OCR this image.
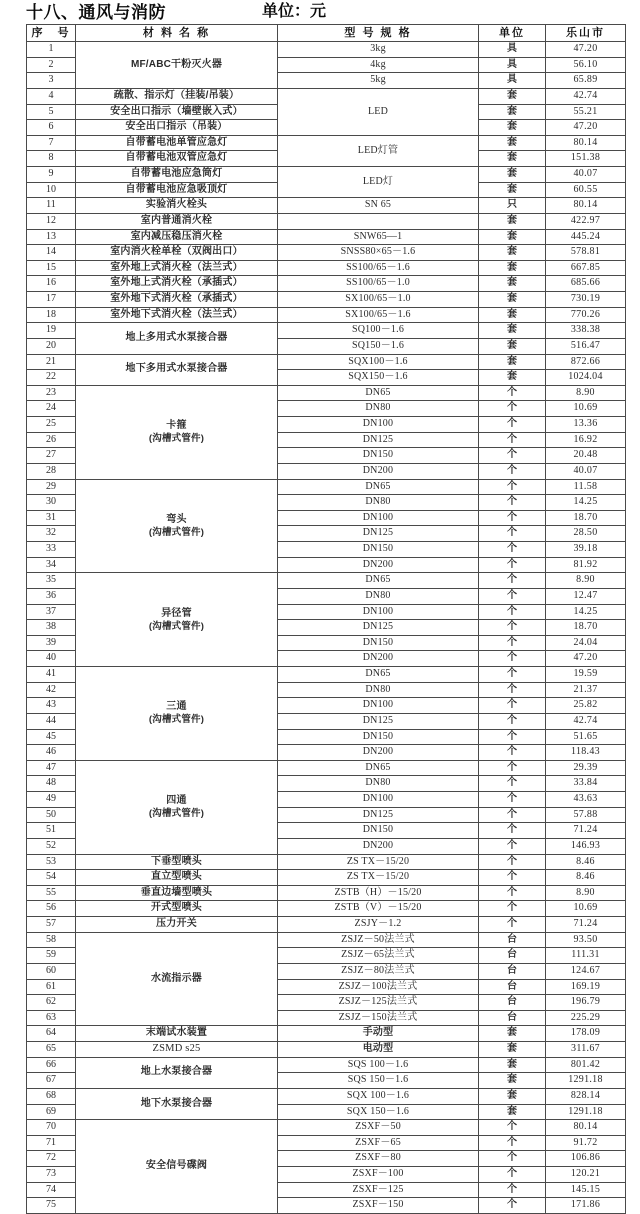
十八、通风与消防	单位：元
序　号	材 料 名 称	型 号 规 格	单位	乐山市
1	MF/ABC干粉灭火器	3kg	具	47.20
2		4kg	具	56.10
3		5kg	具	65.89
4	疏散、指示灯（挂装/吊装）	LED	套	42.74
5	安全出口指示（墙壁嵌入式）		套	55.21
6	安全出口指示（吊装）		套	47.20
7	自带蓄电池单管应急灯	LED灯管	套	80.14
8	自带蓄电池双管应急灯		套	151.38
9	自带蓄电池应急筒灯	LED灯	套	40.07
10	自带蓄电池应急吸顶灯		套	60.55
11	实验消火栓头	SN 65	只	80.14
12	室内普通消火栓		套	422.97
13	室内减压稳压消火栓	SNW65—1	套	445.24
14	室内消火栓单栓（双阀出口）	SNSS80×65－1.6	套	578.81
15	室外地上式消火栓（法兰式）	SS100/65－1.6	套	667.85
16	室外地上式消火栓（承插式）	SS100/65－1.0	套	685.66
17	室外地下式消火栓（承插式）	SX100/65－1.0	套	730.19
18	室外地下式消火栓（法兰式）	SX100/65－1.6	套	770.26
19	地上多用式水泵接合器	SQ100－1.6	套	338.38
20		SQ150－1.6	套	516.47
21	地下多用式水泵接合器	SQX100－1.6	套	872.66
22		SQX150－1.6	套	1024.04
23	卡箍
(沟槽式管件)	DN65	个	8.90
24		DN80	个	10.69
25		DN100	个	13.36
26		DN125	个	16.92
27		DN150	个	20.48
28		DN200	个	40.07
29	弯头
(沟槽式管件)	DN65	个	11.58
30		DN80	个	14.25
31		DN100	个	18.70
32		DN125	个	28.50
33		DN150	个	39.18
34		DN200	个	81.92
35	异径管
(沟槽式管件)	DN65	个	8.90
36		DN80	个	12.47
37		DN100	个	14.25
38		DN125	个	18.70
39		DN150	个	24.04
40		DN200	个	47.20
41	三通
(沟槽式管件)	DN65	个	19.59
42		DN80	个	21.37
43		DN100	个	25.82
44		DN125	个	42.74
45		DN150	个	51.65
46		DN200	个	118.43
47	四通
(沟槽式管件)	DN65	个	29.39
48		DN80	个	33.84
49		DN100	个	43.63
50		DN125	个	57.88
51		DN150	个	71.24
52		DN200	个	146.93
53	下垂型喷头	ZS TX－15/20	个	8.46
54	直立型喷头	ZS TX－15/20	个	8.46
55	垂直边墙型喷头	ZSTB（H）－15/20	个	8.90
56	开式型喷头	ZSTB（V）－15/20	个	10.69
57	压力开关	ZSJY－1.2	个	71.24
58	水流指示器	ZSJZ－50法兰式	台	93.50
59		ZSJZ－65法兰式	台	111.31
60		ZSJZ－80法兰式	台	124.67
61		ZSJZ－100法兰式	台	169.19
62		ZSJZ－125法兰式	台	196.79
63		ZSJZ－150法兰式	台	225.29
64	末端试水装置	手动型	套	178.09
65	ZSMD s25	电动型	套	311.67
66	地上水泵接合器	SQS 100－1.6	套	801.42
67		SQS 150－1.6	套	1291.18
68	地下水泵接合器	SQX 100－1.6	套	828.14
69		SQX 150－1.6	套	1291.18
70	安全信号碟阀	ZSXF－50	个	80.14
71		ZSXF－65	个	91.72
72		ZSXF－80	个	106.86
73		ZSXF－100	个	120.21
74		ZSXF－125	个	145.15
75		ZSXF－150	个	171.86
